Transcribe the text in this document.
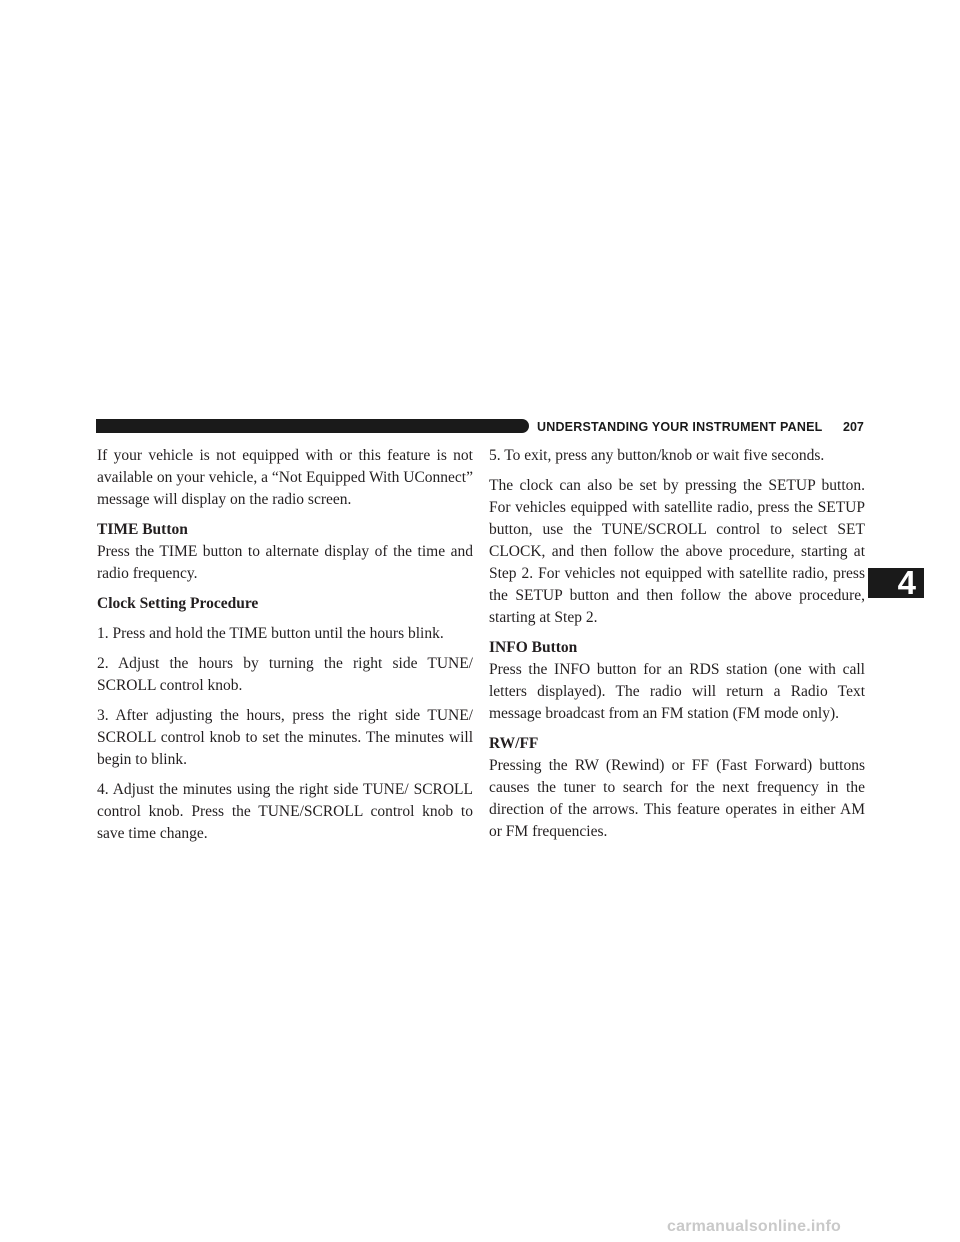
UNDERSTANDING YOUR INSTRUMENT PANEL 207
4

If your vehicle is not equipped with or this feature is not available on your vehicle, a “Not Equipped With UConnect” message will display on the radio screen.

TIME Button

Press the TIME button to alternate display of the time and radio frequency.

Clock Setting Procedure

1. Press and hold the TIME button until the hours blink.

2. Adjust the hours by turning the right side TUNE/ SCROLL control knob.

3. After adjusting the hours, press the right side TUNE/ SCROLL control knob to set the minutes. The minutes will begin to blink.

4. Adjust the minutes using the right side TUNE/ SCROLL control knob. Press the TUNE/SCROLL control knob to save time change.

5. To exit, press any button/knob or wait five seconds.

The clock can also be set by pressing the SETUP button. For vehicles equipped with satellite radio, press the SETUP button, use the TUNE/SCROLL control to select SET CLOCK, and then follow the above procedure, starting at Step 2. For vehicles not equipped with satellite radio, press the SETUP button and then follow the above procedure, starting at Step 2.

INFO Button

Press the INFO button for an RDS station (one with call letters displayed). The radio will return a Radio Text message broadcast from an FM station (FM mode only).

RW/FF

Pressing the RW (Rewind) or FF (Fast Forward) buttons causes the tuner to search for the next frequency in the direction of the arrows. This feature operates in either AM or FM frequencies.

carmanualsonline.info
